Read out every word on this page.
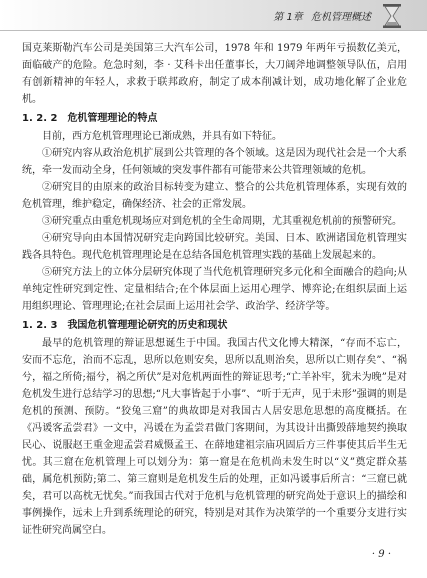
第 1章 危机管理概述

国克莱斯勒汽车公司是美国第三大汽车公司，1978 年和 1979 年两年亏损数亿美元，面临破产的危险。危急时刻，李 · 艾科卡出任董事长，大刀阔斧地调整领导队伍，启用有创新精神的年轻人，求救于联邦政府，制定了成本削减计划，成功地化解了企业危机。

1. 2. 2 危机管理理论的特点

目前，西方危机管理理论已渐成熟，并具有如下特征。

①研究内容从政治危机扩展到公共管理的各个领域。这是因为现代社会是一个大系统，牵一发而动全身，任何领域的突发事件都有可能带来公共管理领域的危机。

②研究目的由原来的政治目标转变为建立、整合的公共危机管理体系，实现有效的危机管理，维护稳定，确保经济、社会的正常发展。

③研究重点由重危机现场应对到危机的全生命周期，尤其重视危机前的预警研究。

④研究导向由本国情况研究走向跨国比较研究。美国、日本、欧洲诸国危机管理实践各具特色。现代危机管理理论是在总结各国危机管理实践的基础上发展起来的。

⑤研究方法上的立体分层研究体现了当代危机管理研究多元化和全面融合的趋向;从单纯定性研究到定性、定量相结合;在个体层面上运用心理学、博弈论;在组织层面上运用组织理论、管理理论;在社会层面上运用社会学、政治学、经济学等。

1. 2. 3 我国危机管理理论研究的历史和现状

最早的危机管理的辩证思想诞生于中国。我国古代文化博大精深，“存而不忘亡，安而不忘危，治而不忘乱，思所以危则安矣，思所以乱则治矣，思所以亡则存矣”、“祸兮，福之所倚;福兮，祸之所伏”是对危机两面性的辩证思考;“亡羊补牢，犹未为晚”是对危机发生进行总结学习的思想;“凡大事皆起于小事”、“听于无声，见于未形”强调的则是危机的预测、预防。“狡兔三窟”的典故即是对我国古人居安思危思想的高度概括。在《冯谖客孟尝君》一文中，冯谖在为孟尝君做门客期间，为其设计出撕毁薛地契约换取民心、说服赵王重金迎孟尝君威慑孟王、在薛地建祖宗庙巩固后方三件事使其后半生无忧。其三窟在危机管理上可以划分为：第一窟是在危机尚未发生时以“义”奠定群众基础，属危机预防;第二、第三窟则是危机发生后的处理，正如冯谖事后所言：“三窟已就矣，君可以高枕无忧矣。”而我国古代对于危机与危机管理的研究尚处于意识上的描绘和事例操作，远未上升到系统理论的研究，特别是对其作为决策学的一个重要分支进行实证性研究尚属空白。

· 9 ·
